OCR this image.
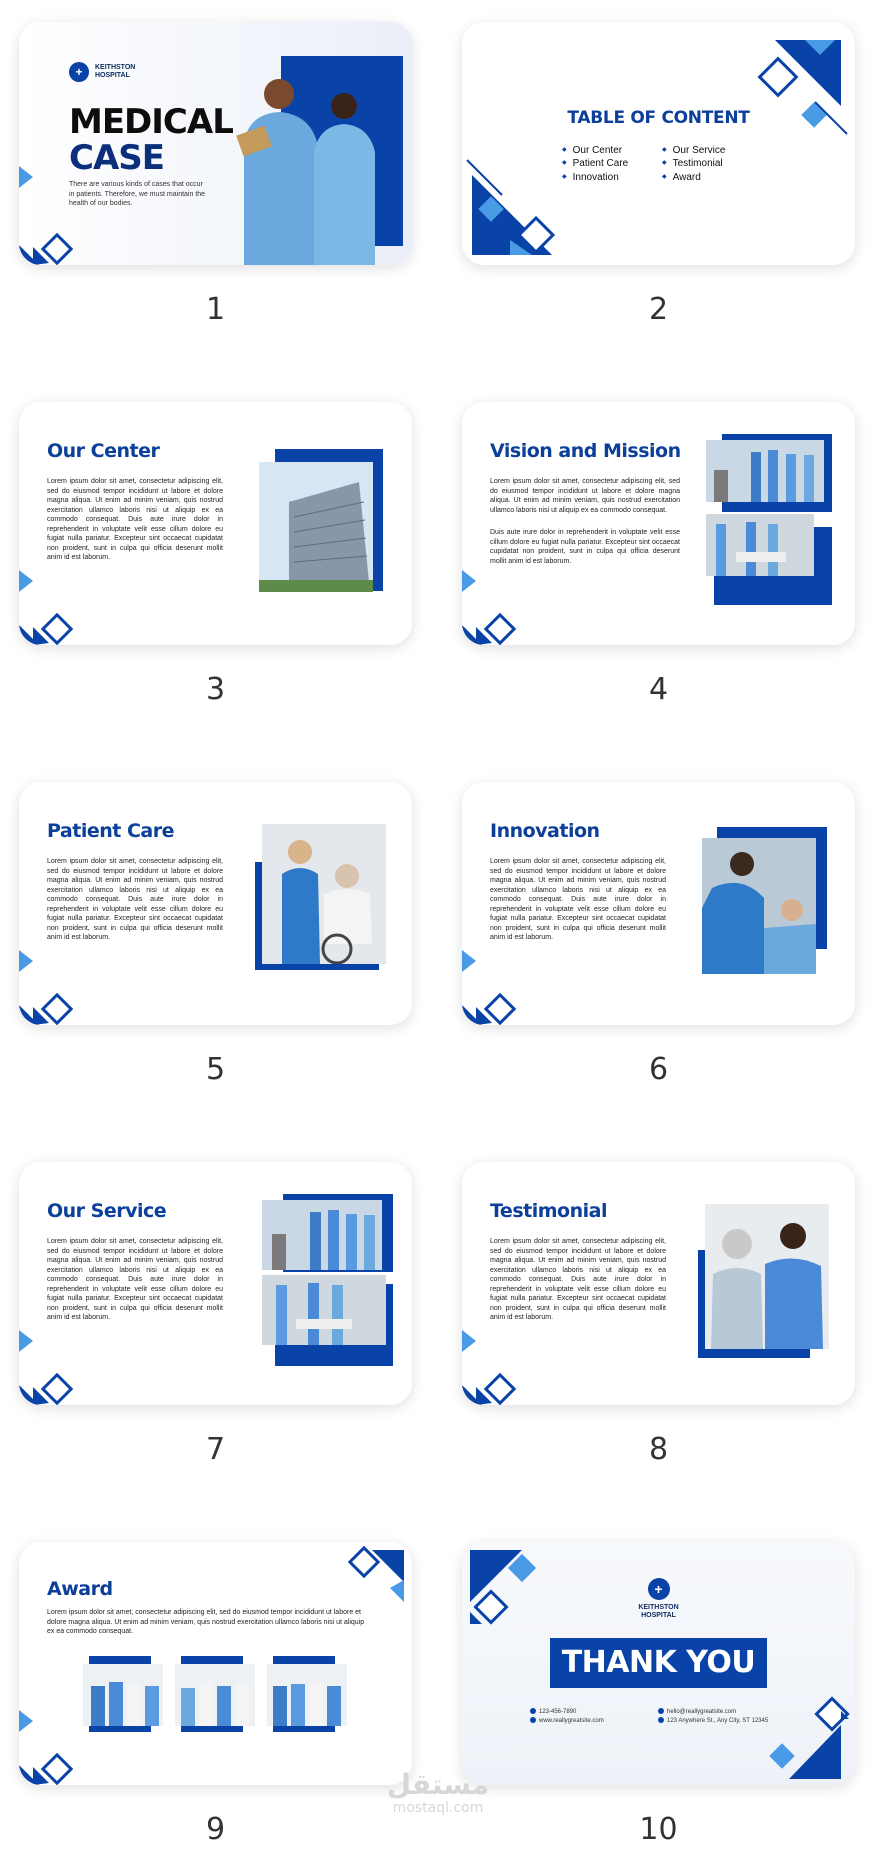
+	KEITHSTON
HOSPITAL
MEDICAL
CASE
There are various kinds of cases that occur in patients. Therefore, we must maintain the health of our bodies.
1
TABLE OF CONTENT
◆ Our Center
◆ Patient Care
◆ Innovation
◆ Our Service
◆ Testimonial
◆ Award
2
Our Center
Lorem ipsum dolor sit amet, consectetur adipiscing elit, sed do eiusmod tempor incididunt ut labore et dolore magna aliqua. Ut enim ad minim veniam, quis nostrud exercitation ullamco laboris nisi ut aliquip ex ea commodo consequat. Duis aute irure dolor in reprehenderit in voluptate velit esse cillum dolore eu fugiat nulla pariatur. Excepteur sint occaecat cupidatat non proident, sunt in culpa qui officia deserunt mollit anim id est laborum.
3
Vision and Mission
Lorem ipsum dolor sit amet, consectetur adipiscing elit, sed do eiusmod tempor incididunt ut labore et dolore magna aliqua. Ut enim ad minim veniam, quis nostrud exercitation ullamco laboris nisi ut aliquip ex ea commodo consequat.
Duis aute irure dolor in reprehenderit in voluptate velit esse cillum dolore eu fugiat nulla pariatur. Excepteur sint occaecat cupidatat non proident, sunt in culpa qui officia deserunt mollit anim id est laborum.
4
Patient Care
Lorem ipsum dolor sit amet, consectetur adipiscing elit, sed do eiusmod tempor incididunt ut labore et dolore magna aliqua. Ut enim ad minim veniam, quis nostrud exercitation ullamco laboris nisi ut aliquip ex ea commodo consequat. Duis aute irure dolor in reprehenderit in voluptate velit esse cillum dolore eu fugiat nulla pariatur. Excepteur sint occaecat cupidatat non proident, sunt in culpa qui officia deserunt mollit anim id est laborum.
5
Innovation
Lorem ipsum dolor sit amet, consectetur adipiscing elit, sed do eiusmod tempor incididunt ut labore et dolore magna aliqua. Ut enim ad minim veniam, quis nostrud exercitation ullamco laboris nisi ut aliquip ex ea commodo consequat. Duis aute irure dolor in reprehenderit in voluptate velit esse cillum dolore eu fugiat nulla pariatur. Excepteur sint occaecat cupidatat non proident, sunt in culpa qui officia deserunt mollit anim id est laborum.
6
Our Service
Lorem ipsum dolor sit amet, consectetur adipiscing elit, sed do eiusmod tempor incididunt ut labore et dolore magna aliqua. Ut enim ad minim veniam, quis nostrud exercitation ullamco laboris nisi ut aliquip ex ea commodo consequat. Duis aute irure dolor in reprehenderit in voluptate velit esse cillum dolore eu fugiat nulla pariatur. Excepteur sint occaecat cupidatat non proident, sunt in culpa qui officia deserunt mollit anim id est laborum.
7
Testimonial
Lorem ipsum dolor sit amet, consectetur adipiscing elit, sed do eiusmod tempor incididunt ut labore et dolore magna aliqua. Ut enim ad minim veniam, quis nostrud exercitation ullamco laboris nisi ut aliquip ex ea commodo consequat. Duis aute irure dolor in reprehenderit in voluptate velit esse cillum dolore eu fugiat nulla pariatur. Excepteur sint occaecat cupidatat non proident, sunt in culpa qui officia deserunt mollit anim id est laborum.
8
Award
Lorem ipsum dolor sit amet, consectetur adipiscing elit, sed do eiusmod tempor incididunt ut labore et dolore magna aliqua. Ut enim ad minim veniam, quis nostrud exercitation ullamco laboris nisi ut aliquip ex ea commodo consequat.
9
+
KEITHSTON
HOSPITAL
THANK YOU
123-456-7890
www.reallygreatsite.com
hello@reallygreatsite.com
123 Anywhere St., Any City, ST 12345
10
مستقل
mostaql.com
